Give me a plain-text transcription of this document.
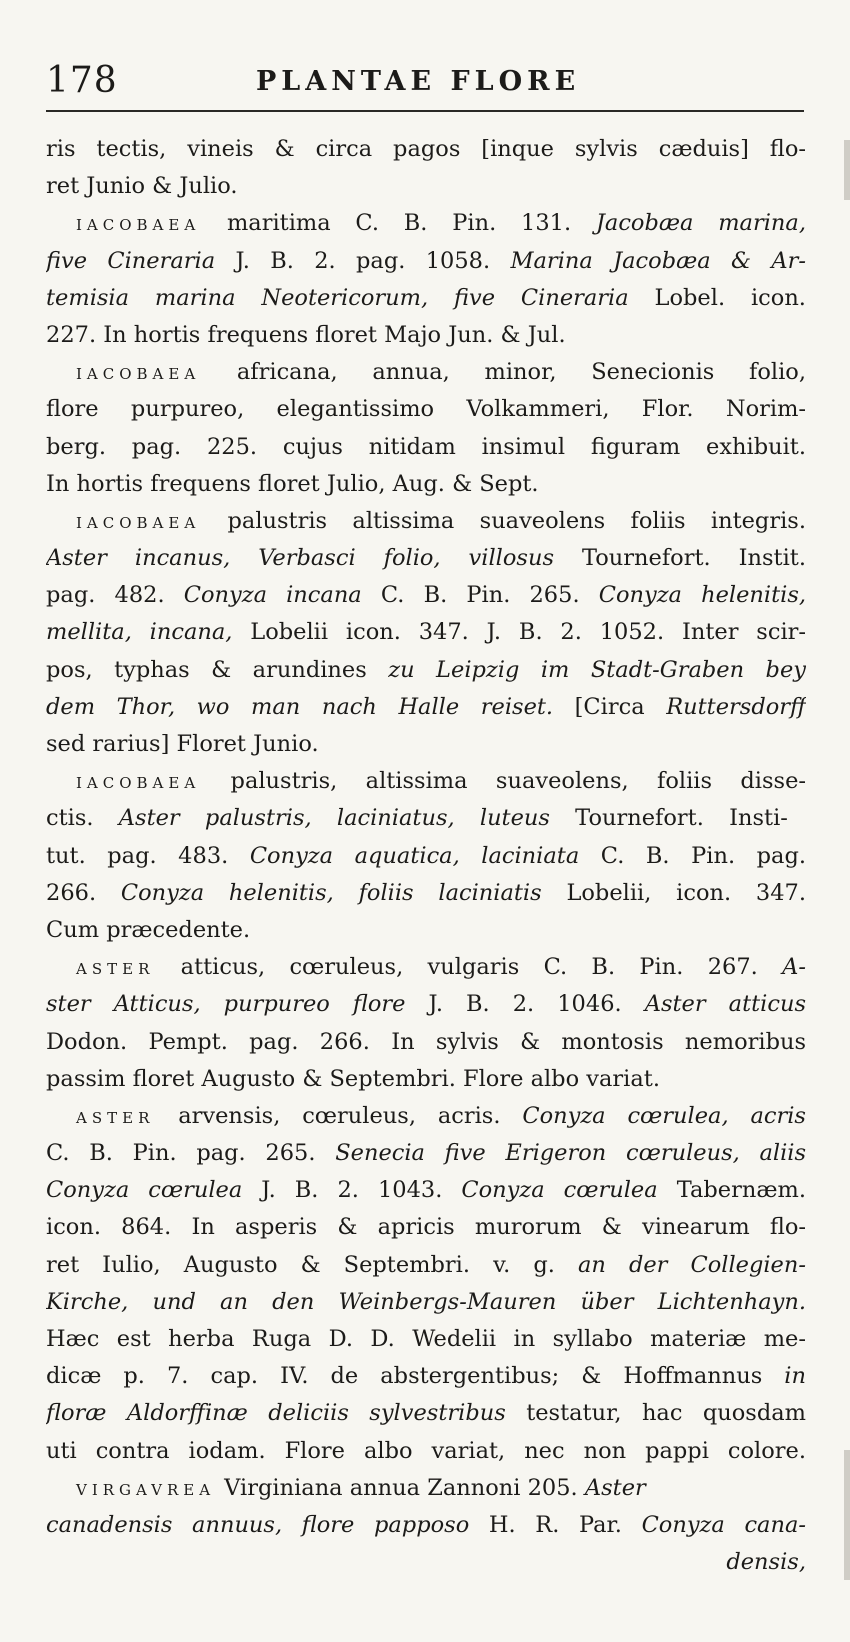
178	PLANTAE FLORE
ris tectis, vineis & circa pagos [inque sylvis cæduis] flo-
ret Junio & Julio.
IACOBAEA maritima C. B. Pin. 131. Jacobæa marina,
five Cineraria J. B. 2. pag. 1058. Marina Jacobæa & Ar-
temisia marina Neotericorum, five Cineraria Lobel. icon.
227. In hortis frequens floret Majo Jun. & Jul.
IACOBAEA africana, annua, minor, Senecionis folio,
flore purpureo, elegantissimo Volkammeri, Flor. Norim-
berg. pag. 225. cujus nitidam insimul figuram exhibuit.
In hortis frequens floret Julio, Aug. & Sept.
IACOBAEA palustris altissima suaveolens foliis integris.
Aster incanus, Verbasci folio, villosus Tournefort. Instit.
pag. 482. Conyza incana C. B. Pin. 265. Conyza helenitis,
mellita, incana, Lobelii icon. 347. J. B. 2. 1052. Inter scir-
pos, typhas & arundines zu Leipzig im Stadt-Graben bey
dem Thor, wo man nach Halle reiset. [Circa Ruttersdorff
sed rarius] Floret Junio.
IACOBAEA palustris, altissima suaveolens, foliis disse-
ctis. Aster palustris, laciniatus, luteus Tournefort. Insti-
tut. pag. 483. Conyza aquatica, laciniata C. B. Pin. pag.
266. Conyza helenitis, foliis laciniatis Lobelii, icon. 347.
Cum præcedente.
ASTER atticus, cœruleus, vulgaris C. B. Pin. 267. A-
ster Atticus, purpureo flore J. B. 2. 1046. Aster atticus
Dodon. Pempt. pag. 266. In sylvis & montosis nemoribus
passim floret Augusto & Septembri. Flore albo variat.
ASTER arvensis, cœruleus, acris. Conyza cœrulea, acris
C. B. Pin. pag. 265. Senecia five Erigeron cœruleus, aliis
Conyza cœrulea J. B. 2. 1043. Conyza cœrulea Tabernæm.
icon. 864. In asperis & apricis murorum & vinearum flo-
ret Iulio, Augusto & Septembri. v. g. an der Collegien-
Kirche, und an den Weinbergs-Mauren über Lichtenhayn.
Hæc est herba Ruga D. D. Wedelii in syllabo materiæ me-
dicæ p. 7. cap. IV. de abstergentibus; & Hoffmannus in
floræ Aldorffinæ deliciis sylvestribus testatur, hac quosdam
uti contra iodam. Flore albo variat, nec non pappi colore.
VIRGAVREA Virginiana annua Zannoni 205. Aster
canadensis annuus, flore papposo H. R. Par. Conyza cana-
densis,
